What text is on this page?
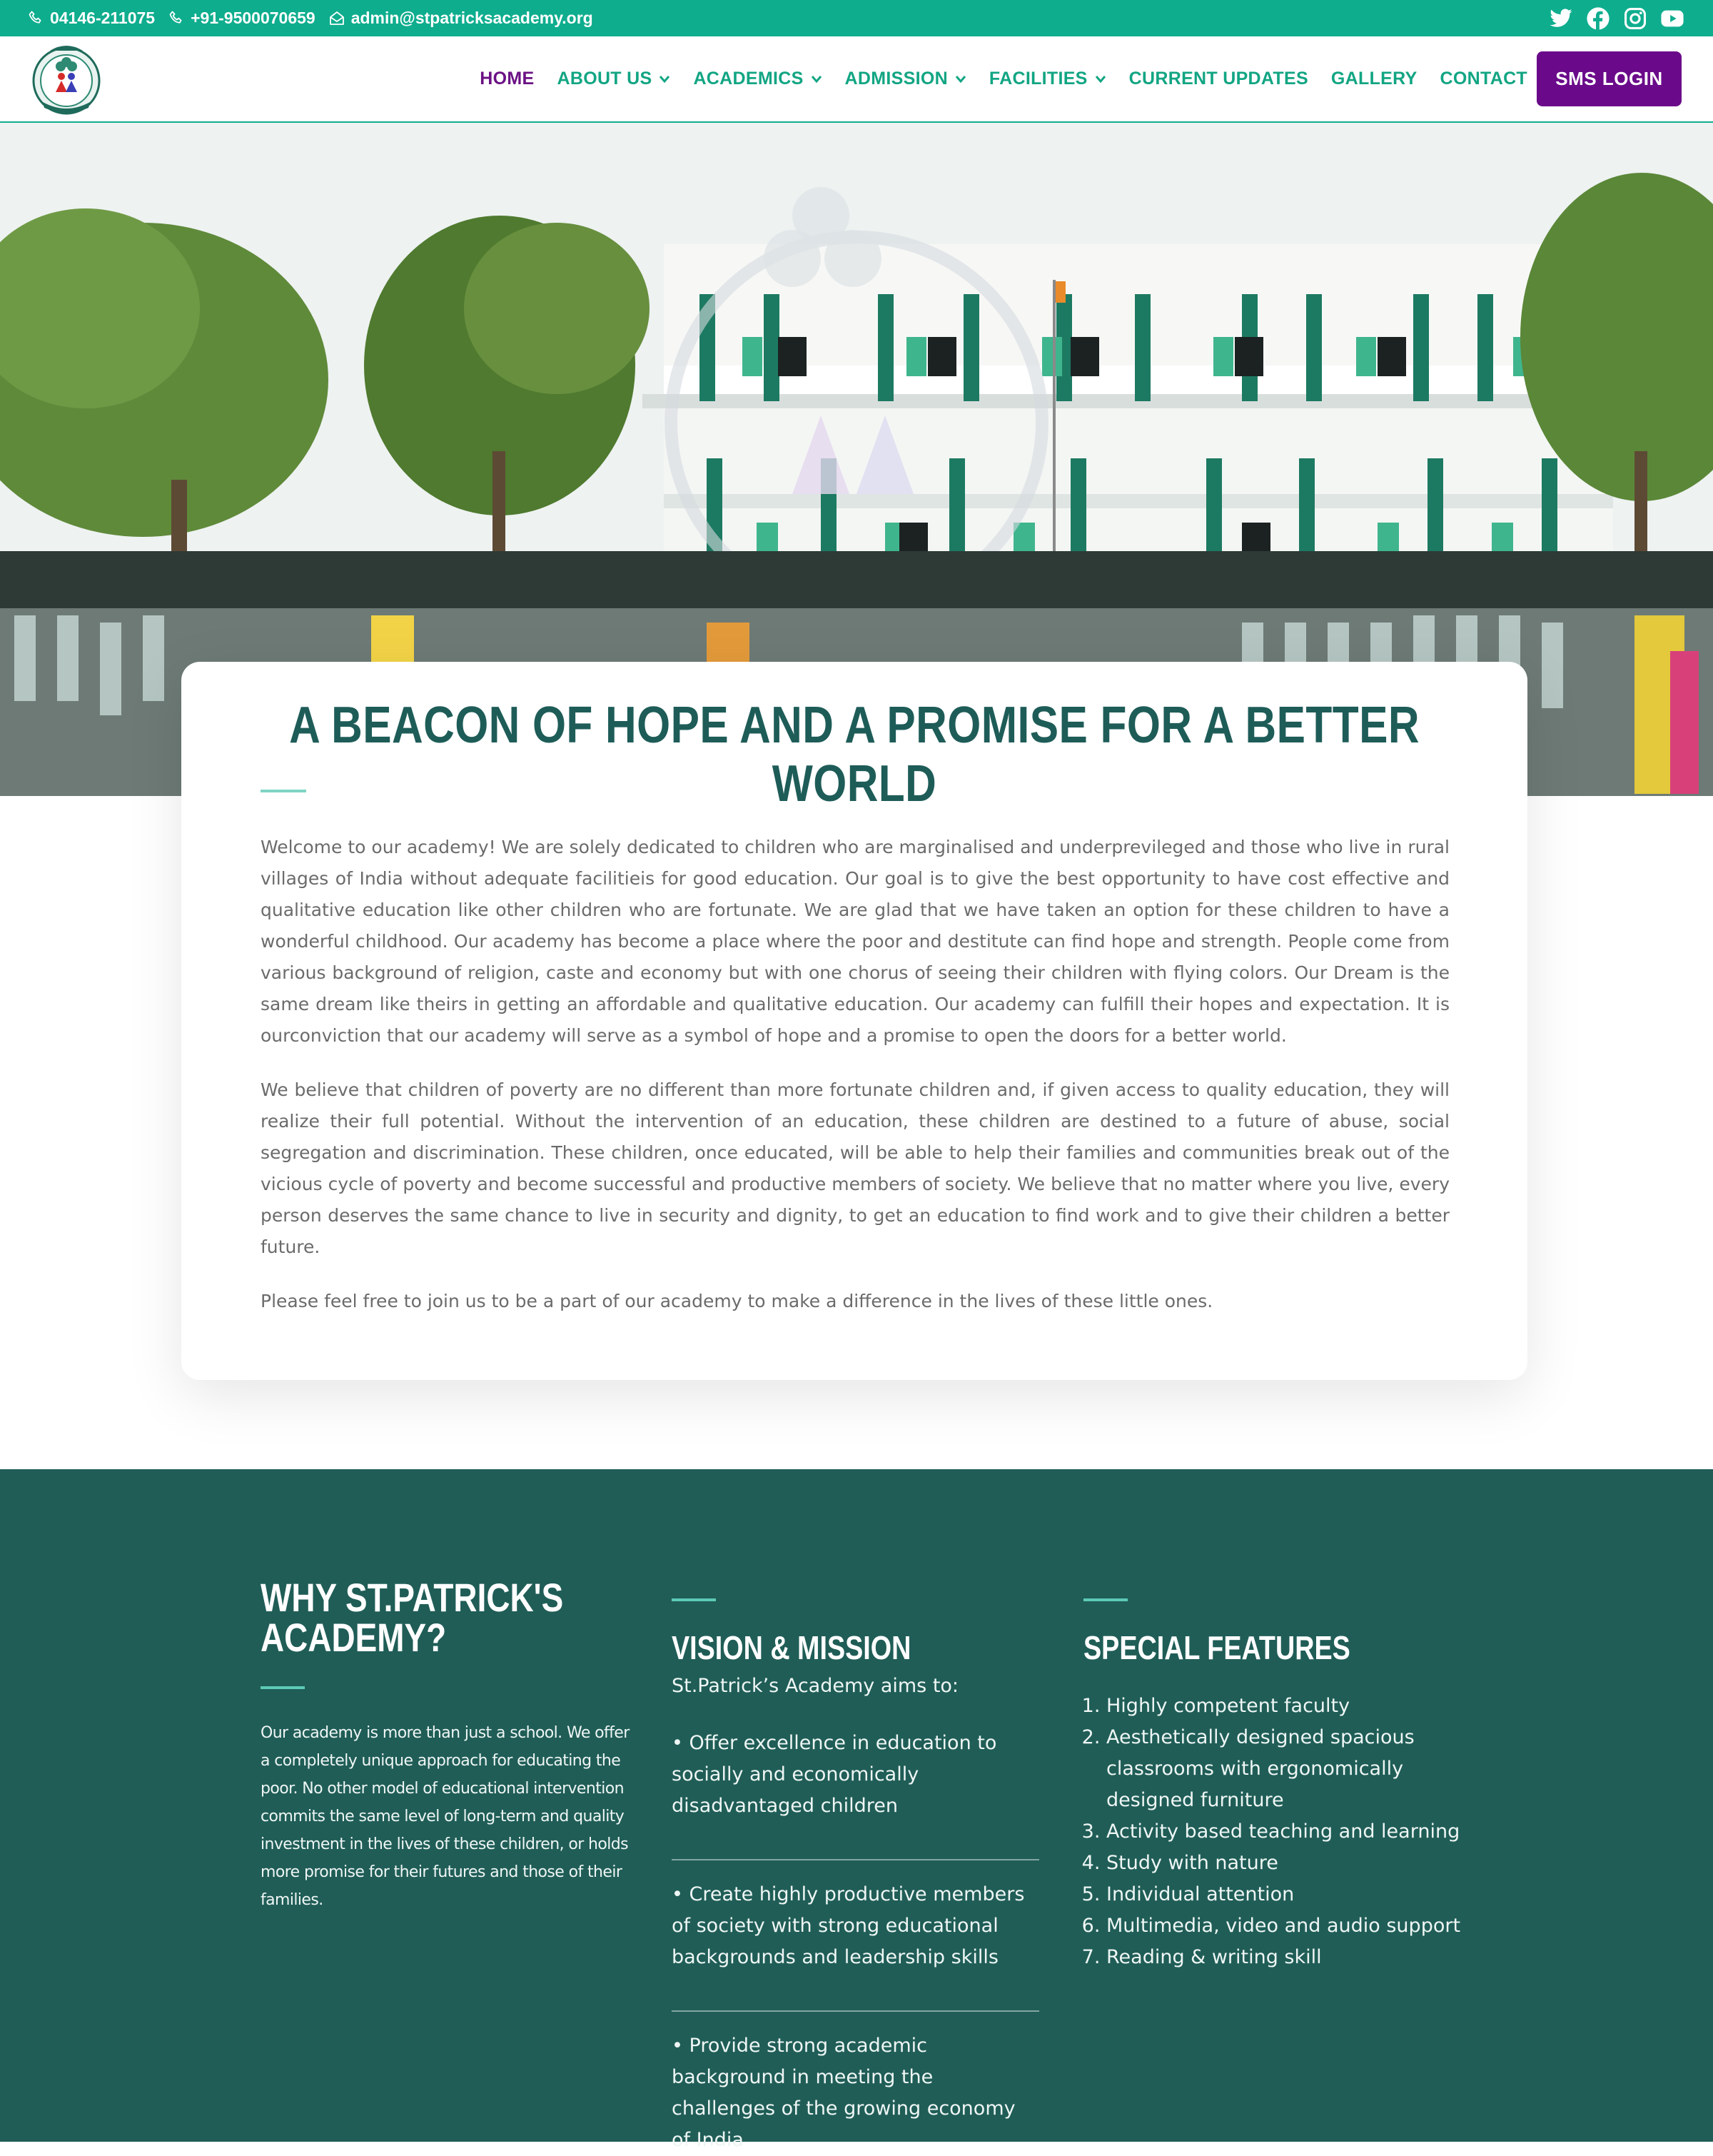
04146-211075 +91-9500070659 admin@stpatricksacademy.org
HOME ABOUT US ACADEMICS ADMISSION FACILITIES CURRENT UPDATES GALLERY CONTACT	SMS LOGIN
A BEACON OF HOPE AND A PROMISE FOR A BETTER WORLD

Welcome to our academy! We are solely dedicated to children who are marginalised and underprevileged and those who live in rural villages of India without adequate facilitieis for good education. Our goal is to give the best opportunity to have cost effective and qualitative education like other children who are fortunate. We are glad that we have taken an option for these children to have a wonderful childhood. Our academy has become a place where the poor and destitute can find hope and strength. People come from various background of religion, caste and economy but with one chorus of seeing their children with flying colors. Our Dream is the same dream like theirs in getting an affordable and qualitative education. Our academy can fulfill their hopes and expectation. It is ourconviction that our academy will serve as a symbol of hope and a promise to open the doors for a better world.

We believe that children of poverty are no different than more fortunate children and, if given access to quality education, they will realize their full potential. Without the intervention of an education, these children are destined to a future of abuse, social segregation and discrimination. These children, once educated, will be able to help their families and communities break out of the vicious cycle of poverty and become successful and productive members of society. We believe that no matter where you live, every person deserves the same chance to live in security and dignity, to get an education to find work and to give their children a better future.

Please feel free to join us to be a part of our academy to make a difference in the lives of these little ones.

WHY ST.PATRICK'S
ACADEMY?
Our academy is more than just a school. We offer a completely unique approach for educating the poor. No other model of educational intervention commits the same level of long-term and quality investment in the lives of these children, or holds more promise for their futures and those of their families.
VISION & MISSION
St.Patrick’s Academy aims to:
• Offer excellence in education to socially and economically disadvantaged children
• Create highly productive members of society with strong educational backgrounds and leadership skills
• Provide strong academic background in meeting the challenges of the growing economy of India
SPECIAL FEATURES
1. Highly competent faculty
2. Aesthetically designed spacious classrooms with ergonomically designed furniture
3. Activity based teaching and learning
4. Study with nature
5. Individual attention
6. Multimedia, video and audio support
7. Reading & writing skill
